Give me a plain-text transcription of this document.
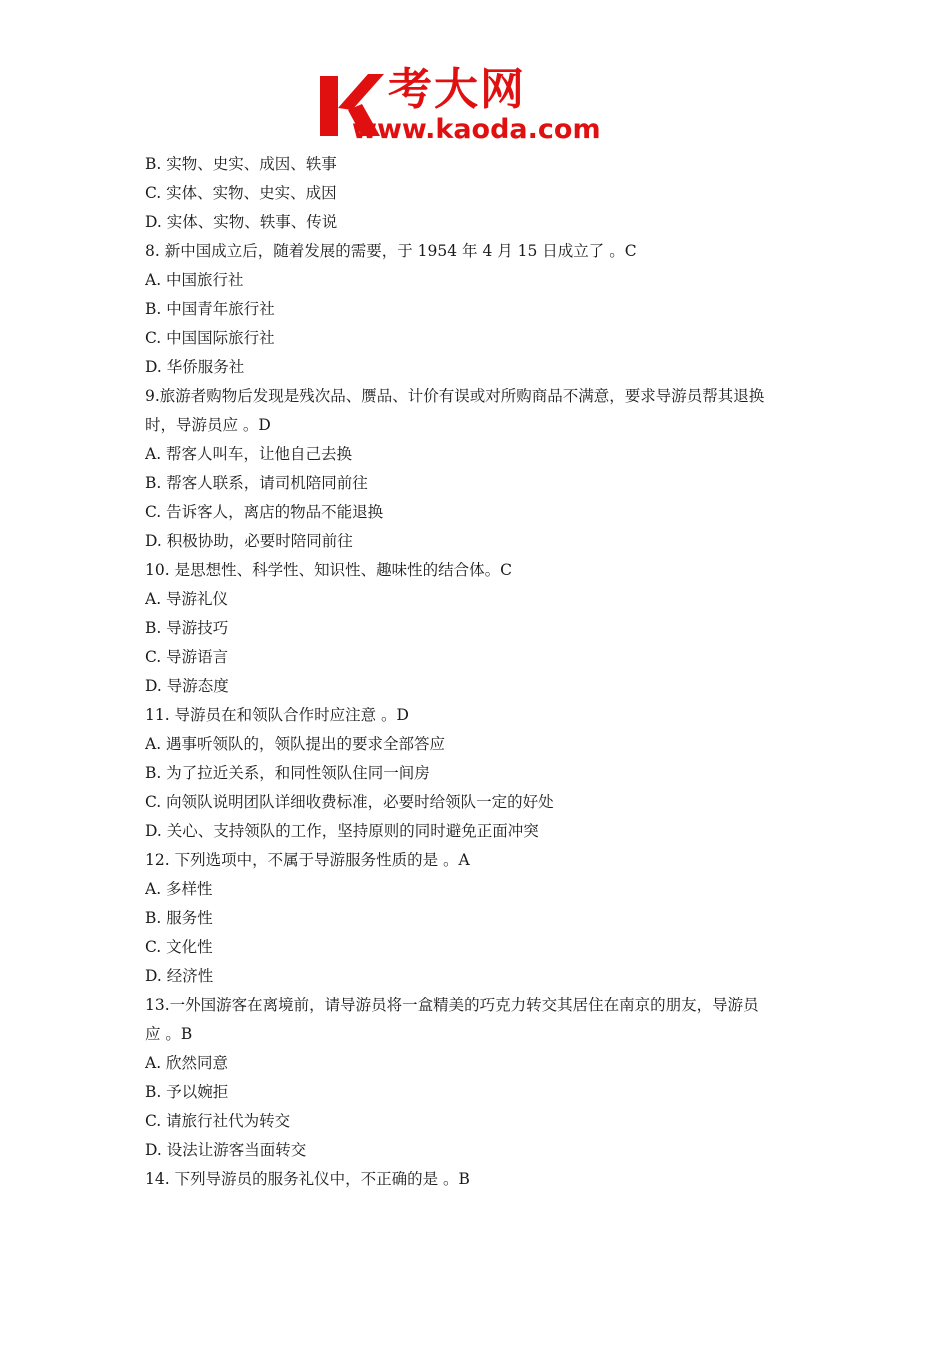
考大网
www.kaoda.com
B. 实物、史实、成因、轶事
C. 实体、实物、史实、成因
D. 实体、实物、轶事、传说
8. 新中国成立后，随着发展的需要，于 1954 年 4 月 15 日成立了 。C
A. 中国旅行社
B. 中国青年旅行社
C. 中国国际旅行社
D. 华侨服务社
9.旅游者购物后发现是残次品、赝品、计价有误或对所购商品不满意，要求导游员帮其退换
时，导游员应 。D
A. 帮客人叫车，让他自己去换
B. 帮客人联系，请司机陪同前往
C. 告诉客人，离店的物品不能退换
D. 积极协助，必要时陪同前往
10. 是思想性、科学性、知识性、趣味性的结合体。C
A. 导游礼仪
B. 导游技巧
C. 导游语言
D. 导游态度
11. 导游员在和领队合作时应注意 。D
A. 遇事听领队的，领队提出的要求全部答应
B. 为了拉近关系，和同性领队住同一间房
C. 向领队说明团队详细收费标准，必要时给领队一定的好处
D. 关心、支持领队的工作，坚持原则的同时避免正面冲突
12. 下列选项中，不属于导游服务性质的是 。A
A. 多样性
B. 服务性
C. 文化性
D. 经济性
13.一外国游客在离境前，请导游员将一盒精美的巧克力转交其居住在南京的朋友，导游员
应 。B
A. 欣然同意
B. 予以婉拒
C. 请旅行社代为转交
D. 设法让游客当面转交
14. 下列导游员的服务礼仪中，不正确的是 。B
